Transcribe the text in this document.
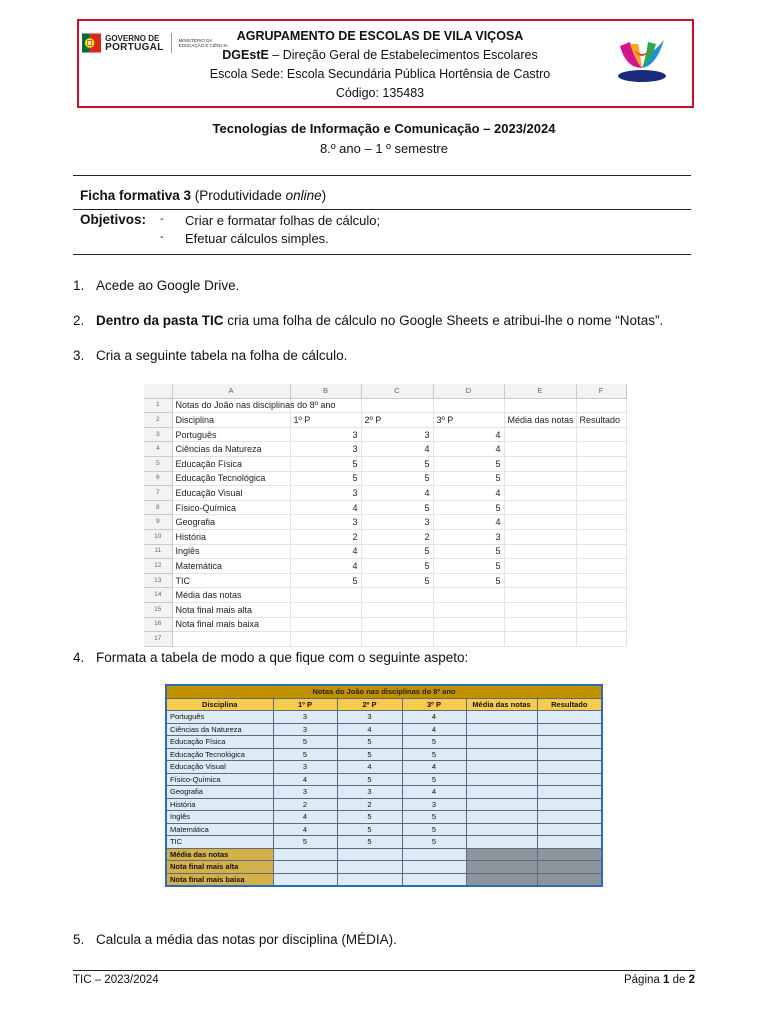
GOVERNO DE
PORTUGAL
MINISTÉRIO DA EDUCAÇÃO E CIÊNCIA
AGRUPAMENTO DE ESCOLAS DE VILA VIÇOSA
DGEstE – Direção Geral de Estabelecimentos Escolares
Escola Sede: Escola Secundária Pública Hortênsia de Castro
Código: 135483
Tecnologias de Informação e Comunicação – 2023/2024
8.º ano – 1 º semestre
Ficha formativa 3 (Produtividade online)
Objetivos: -	Criar e formatar folhas de cálculo;
-	Efetuar cálculos simples.
1. Acede ao Google Drive.
2. Dentro da pasta TIC cria uma folha de cálculo no Google Sheets e atribui-lhe o nome “Notas”.
3. Cria a seguinte tabela na folha de cálculo.
	A	B	C	D	E	F
1	Notas do João nas disciplinas do 8º ano					
2	Disciplina	1º P	2º P	3º P	Média das notas	Resultado
3	Português	3	3	4		
4	Ciências da Natureza	3	4	4		
5	Educação Física	5	5	5		
6	Educação Tecnológica	5	5	5		
7	Educação Visual	3	4	4		
8	Físico-Química	4	5	5		
9	Geografia	3	3	4		
10	História	2	2	3		
11	Inglês	4	5	5		
12	Matemática	4	5	5		
13	TIC	5	5	5		
14	Média das notas					
15	Nota final mais alta					
16	Nota final mais baixa					
17						
4. Formata a tabela de modo a que fique com o seguinte aspeto:
Notas do João nas disciplinas do 8º ano					
Disciplina	1º P	2º P	3º P	Média das notas	Resultado
Português	3	3	4		
Ciências da Natureza	3	4	4		
Educação Física	5	5	5		
Educação Tecnológica	5	5	5		
Educação Visual	3	4	4		
Físico-Química	4	5	5		
Geografia	3	3	4		
História	2	2	3		
Inglês	4	5	5		
Matemática	4	5	5		
TIC	5	5	5		
Média das notas					
Nota final mais alta					
Nota final mais baixa					
5. Calcula a média das notas por disciplina (MÉDIA).
TIC – 2023/2024	Página 1 de 2
